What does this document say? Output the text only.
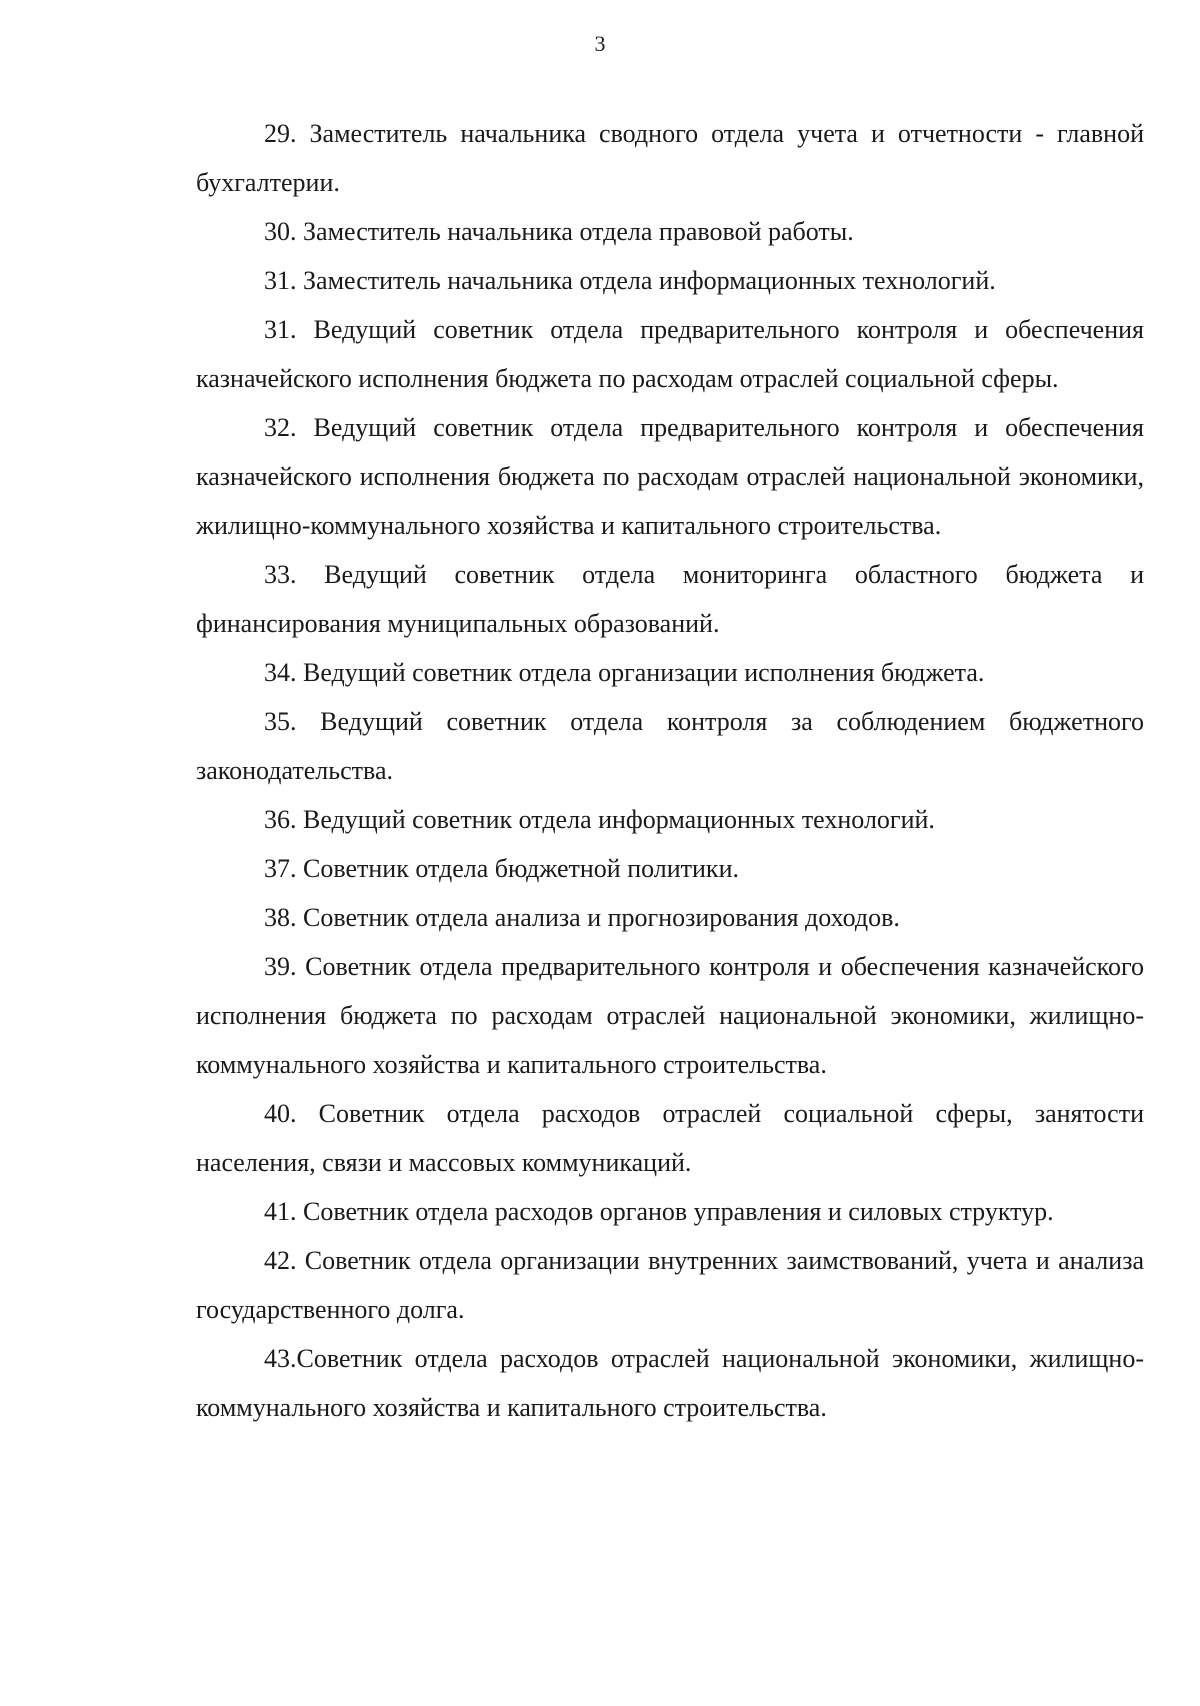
3

29. Заместитель начальника сводного отдела учета и отчетности - главной бухгалтерии.

30. Заместитель начальника отдела правовой работы.

31. Заместитель начальника отдела информационных технологий.

31. Ведущий советник отдела предварительного контроля и обеспечения казначейского исполнения бюджета по расходам отраслей социальной сферы.

32. Ведущий советник отдела предварительного контроля и обеспечения казначейского исполнения бюджета по расходам отраслей национальной экономики, жилищно-коммунального хозяйства и капитального строительства.

33. Ведущий советник отдела мониторинга областного бюджета и финансирования муниципальных образований.

34. Ведущий советник отдела организации исполнения бюджета.

35. Ведущий советник отдела контроля за соблюдением бюджетного законодательства.

36. Ведущий советник отдела информационных технологий.

37. Советник отдела бюджетной политики.

38. Советник отдела анализа и прогнозирования доходов.

39. Советник отдела предварительного контроля и обеспечения казначейского исполнения бюджета по расходам отраслей национальной экономики, жилищно-коммунального хозяйства и капитального строительства.

40. Советник отдела расходов отраслей социальной сферы, занятости населения, связи и массовых коммуникаций.

41. Советник отдела расходов органов управления и силовых структур.

42. Советник отдела организации внутренних заимствований, учета и анализа государственного долга.

43.Советник отдела расходов отраслей национальной экономики, жилищно-коммунального хозяйства и капитального строительства.
